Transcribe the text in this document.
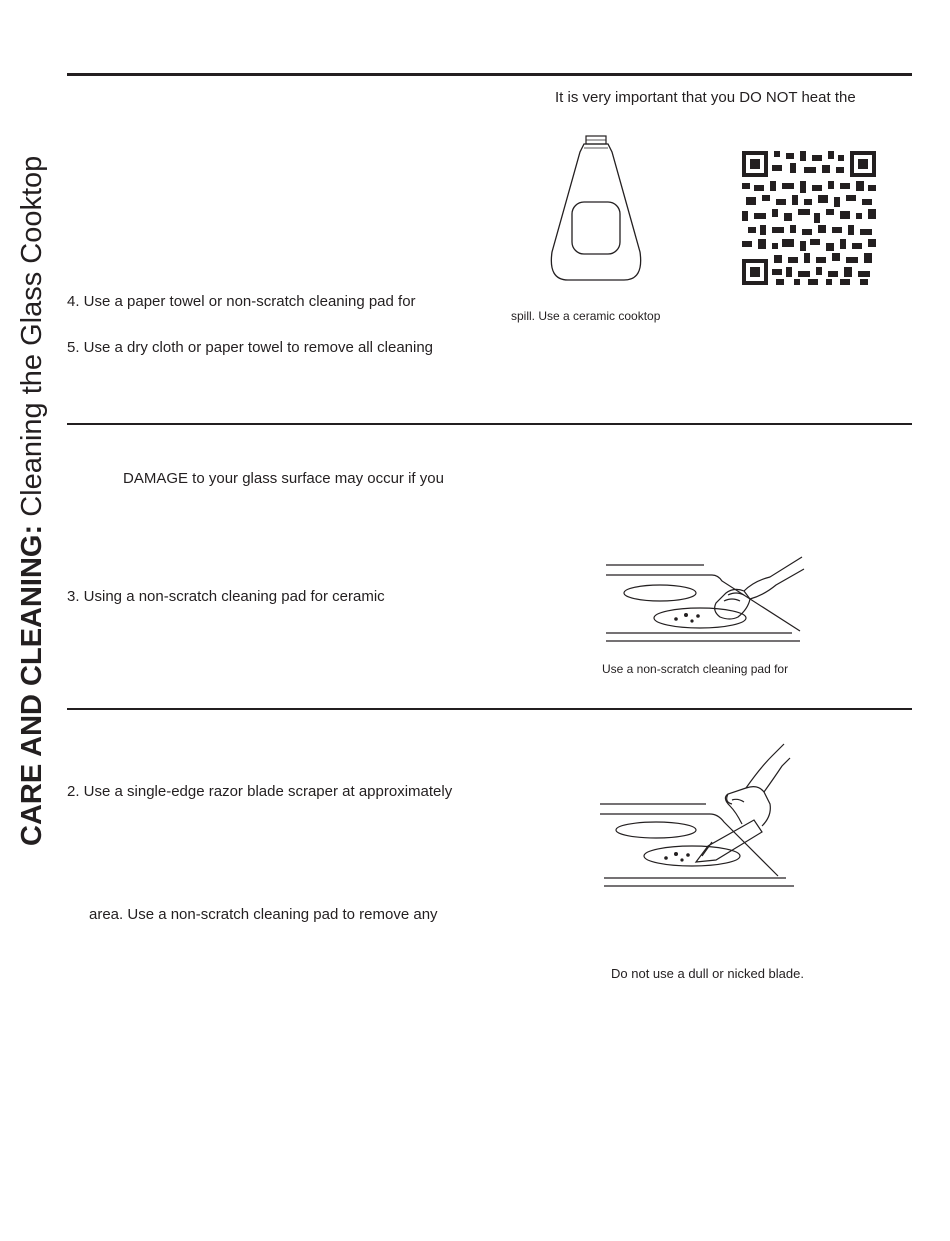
CARE AND CLEANING: Cleaning the Glass Cooktop
It is very important that you DO NOT heat the
4. Use a paper towel or non-scratch cleaning pad for
spill. Use a ceramic cooktop
5. Use a dry cloth or paper towel to remove all cleaning
DAMAGE to your glass surface may occur if you
3. Using a non-scratch cleaning pad for ceramic
Use a non-scratch cleaning pad for
2. Use a single-edge razor blade scraper at approximately
area. Use a non-scratch cleaning pad to remove any
Do not use a dull or nicked blade.
